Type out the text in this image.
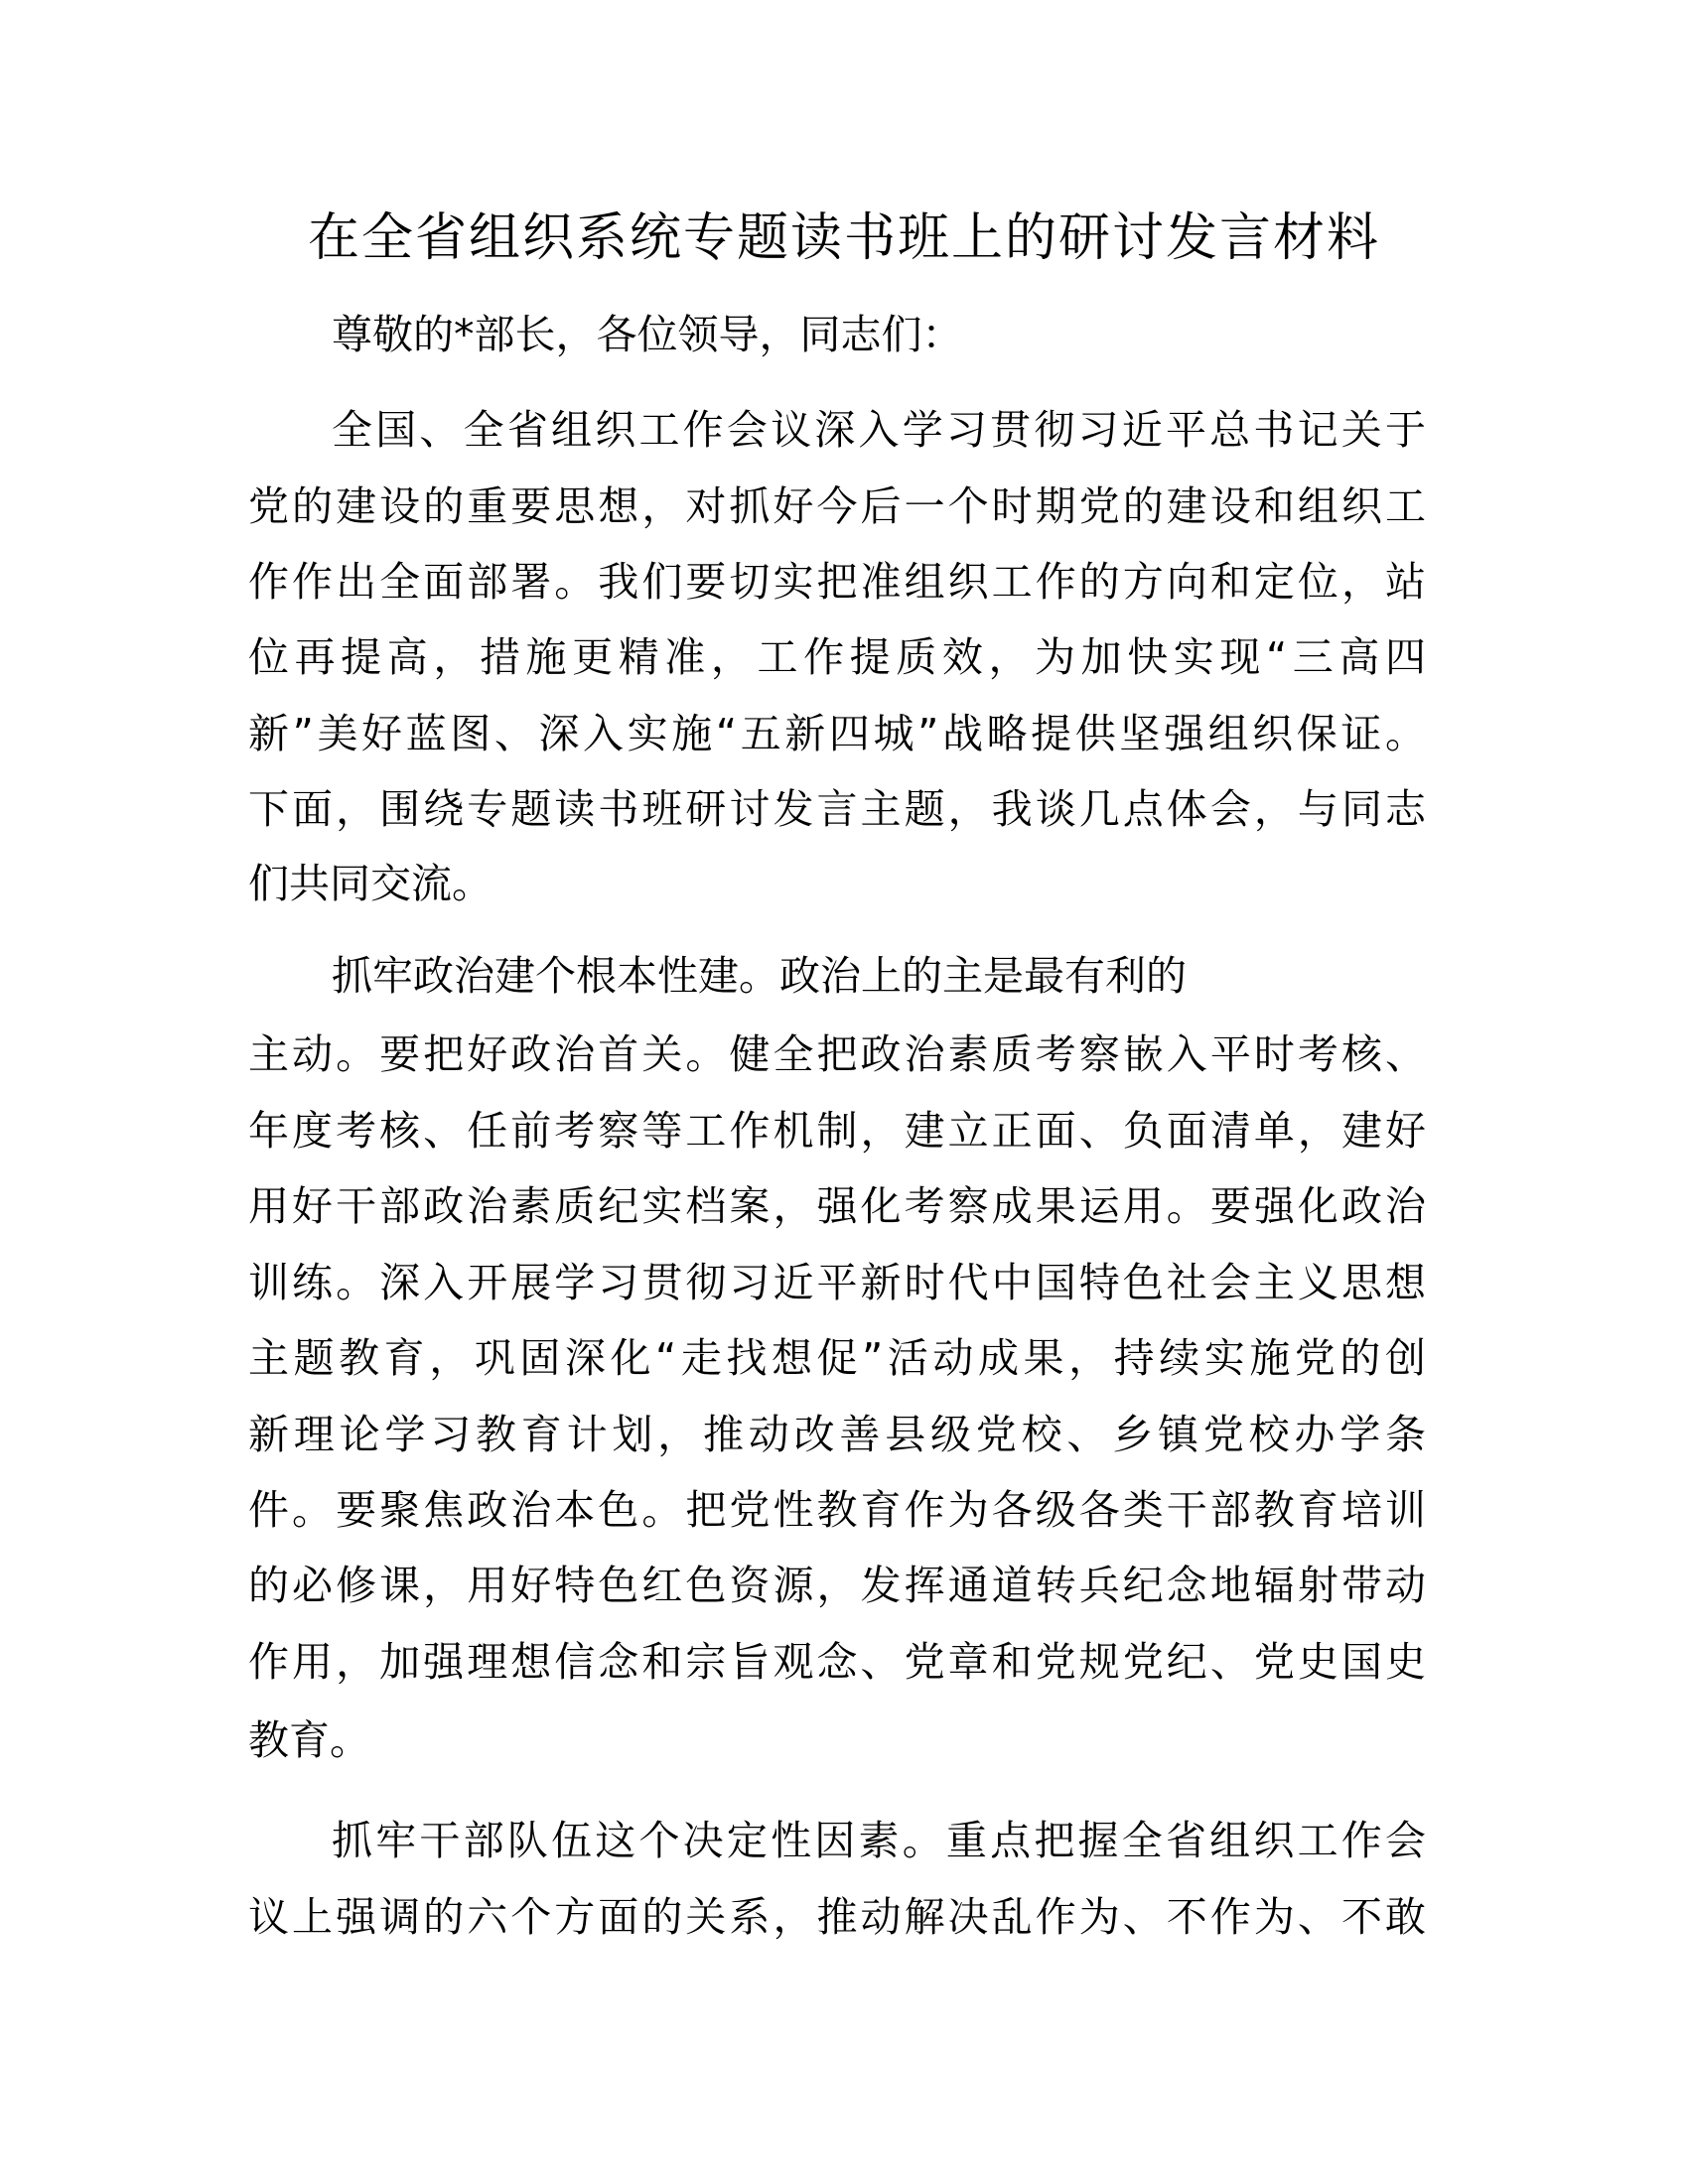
在全省组织系统专题读书班上的研讨发言材料
尊敬的*部长，各位领导，同志们：
全国、全省组织工作会议深入学习贯彻习近平总书记关于
党的建设的重要思想，对抓好今后一个时期党的建设和组织工
作作出全面部署。我们要切实把准组织工作的方向和定位，站
位再提高，措施更精准，工作提质效，为加快实现“三高四
新”美好蓝图、深入实施“五新四城”战略提供坚强组织保证。
下面，围绕专题读书班研讨发言主题，我谈几点体会，与同志
们共同交流。
抓牢政治建个根本性建。政治上的主是最有利的
主动。要把好政治首关。健全把政治素质考察嵌入平时考核、
年度考核、任前考察等工作机制，建立正面、负面清单，建好
用好干部政治素质纪实档案，强化考察成果运用。要强化政治
训练。深入开展学习贯彻习近平新时代中国特色社会主义思想
主题教育，巩固深化“走找想促”活动成果，持续实施党的创
新理论学习教育计划，推动改善县级党校、乡镇党校办学条
件。要聚焦政治本色。把党性教育作为各级各类干部教育培训
的必修课，用好特色红色资源，发挥通道转兵纪念地辐射带动
作用，加强理想信念和宗旨观念、党章和党规党纪、党史国史
教育。
抓牢干部队伍这个决定性因素。重点把握全省组织工作会
议上强调的六个方面的关系，推动解决乱作为、不作为、不敢
